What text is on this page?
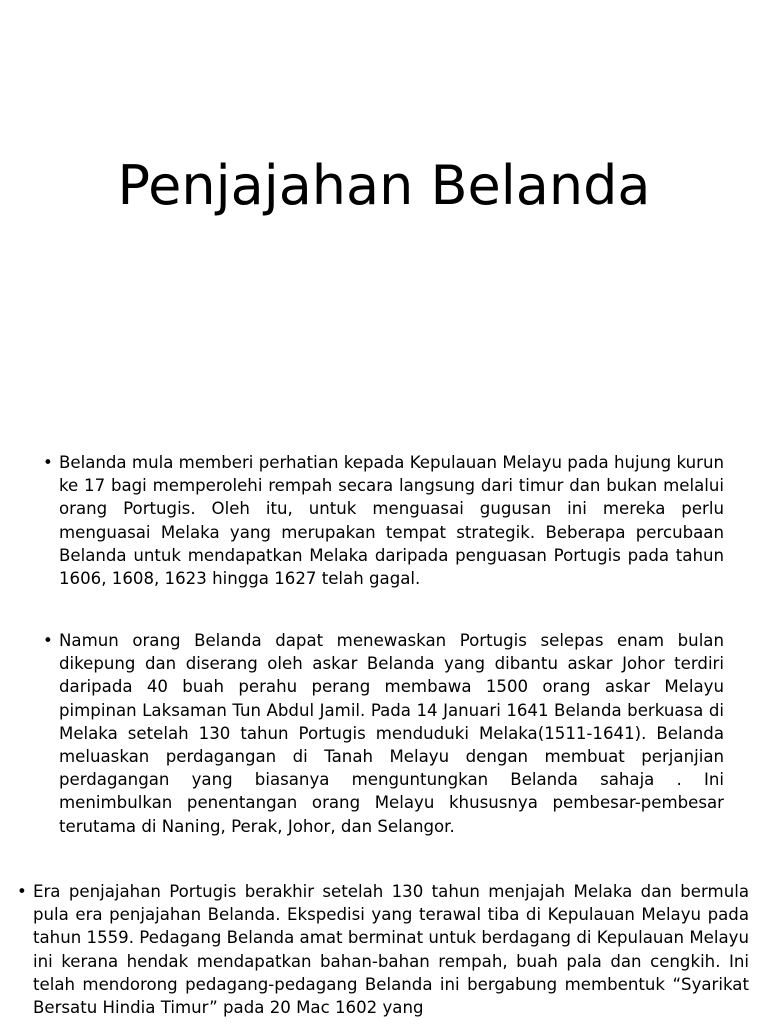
Penjajahan Belanda
• Belanda mula memberi perhatian kepada Kepulauan Melayu pada hujung kurun ke 17 bagi memperolehi rempah secara langsung dari timur dan bukan melalui orang Portugis. Oleh itu, untuk menguasai gugusan ini mereka perlu menguasai Melaka yang merupakan tempat strategik. Beberapa percubaan Belanda untuk mendapatkan Melaka daripada penguasan Portugis pada tahun 1606, 1608, 1623 hingga 1627 telah gagal.
• Namun orang Belanda dapat menewaskan Portugis selepas enam bulan dikepung dan diserang oleh askar Belanda yang dibantu askar Johor terdiri daripada 40 buah perahu perang membawa 1500 orang askar Melayu pimpinan Laksaman Tun Abdul Jamil. Pada 14 Januari 1641 Belanda berkuasa di Melaka setelah 130 tahun Portugis menduduki Melaka(1511-1641). Belanda meluaskan perdagangan di Tanah Melayu dengan membuat perjanjian perdagangan yang biasanya menguntungkan Belanda sahaja . Ini menimbulkan penentangan orang Melayu khususnya pembesar-pembesar terutama di Naning, Perak, Johor, dan Selangor.
• Era penjajahan Portugis berakhir setelah 130 tahun menjajah Melaka dan bermula pula era penjajahan Belanda. Ekspedisi yang terawal tiba di Kepulauan Melayu pada tahun 1559. Pedagang Belanda amat berminat untuk berdagang di Kepulauan Melayu ini kerana hendak mendapatkan bahan-bahan rempah, buah pala dan cengkih. Ini telah mendorong pedagang-pedagang Belanda ini bergabung membentuk “Syarikat Bersatu Hindia Timur” pada 20 Mac 1602 yang
